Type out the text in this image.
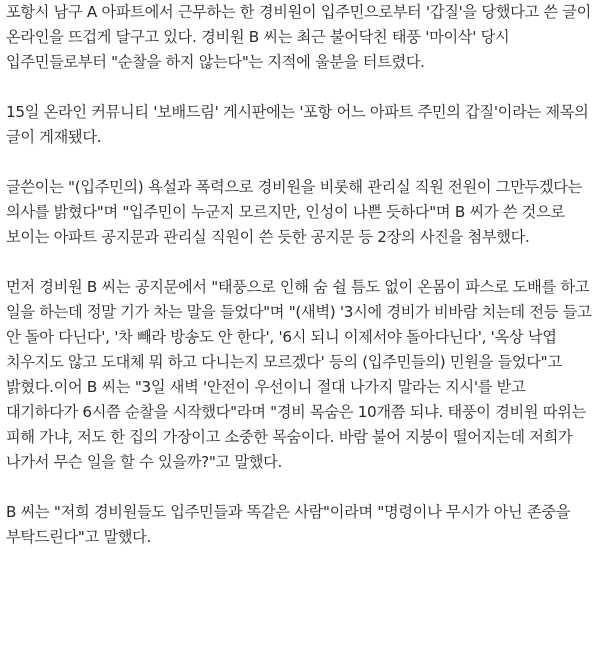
포항시 남구 A 아파트에서 근무하는 한 경비원이 입주민으로부터 '갑질'을 당했다고 쓴 글이 온라인을 뜨겁게 달구고 있다. 경비원 B 씨는 최근 불어닥친 태풍 '마이삭' 당시 입주민들로부터 "순찰을 하지 않는다"는 지적에 울분을 터트렸다.

15일 온라인 커뮤니티 '보배드림' 게시판에는 '포항 어느 아파트 주민의 갑질'이라는 제목의 글이 게재됐다.

글쓴이는 "(입주민의) 욕설과 폭력으로 경비원을 비롯해 관리실 직원 전원이 그만두겠다는 의사를 밝혔다"며 "입주민이 누군지 모르지만, 인성이 나쁜 듯하다"며 B 씨가 쓴 것으로 보이는 아파트 공지문과 관리실 직원이 쓴 듯한 공지문 등 2장의 사진을 첨부했다.

먼저 경비원 B 씨는 공지문에서 "태풍으로 인해 숨 쉴 틈도 없이 온몸이 파스로 도배를 하고 일을 하는데 정말 기가 차는 말을 들었다"며 "(새벽) '3시에 경비가 비바람 치는데 전등 들고 안 돌아 다닌다', '차 빼라 방송도 안 한다', '6시 되니 이제서야 돌아다닌다', '옥상 낙엽 치우지도 않고 도대체 뭐 하고 다니는지 모르겠다' 등의 (입주민들의) 민원을 들었다"고 밝혔다.이어 B 씨는 "3일 새벽 '안전이 우선이니 절대 나가지 말라는 지시'를 받고 대기하다가 6시쯤 순찰을 시작했다"라며 "경비 목숨은 10개쯤 되냐. 태풍이 경비원 따위는 피해 가냐, 저도 한 집의 가장이고 소중한 목숨이다. 바람 불어 지붕이 떨어지는데 저희가 나가서 무슨 일을 할 수 있을까?"고 말했다.

B 씨는 "저희 경비원들도 입주민들과 똑같은 사람"이라며 "명령이나 무시가 아닌 존중을 부탁드린다"고 말했다.
